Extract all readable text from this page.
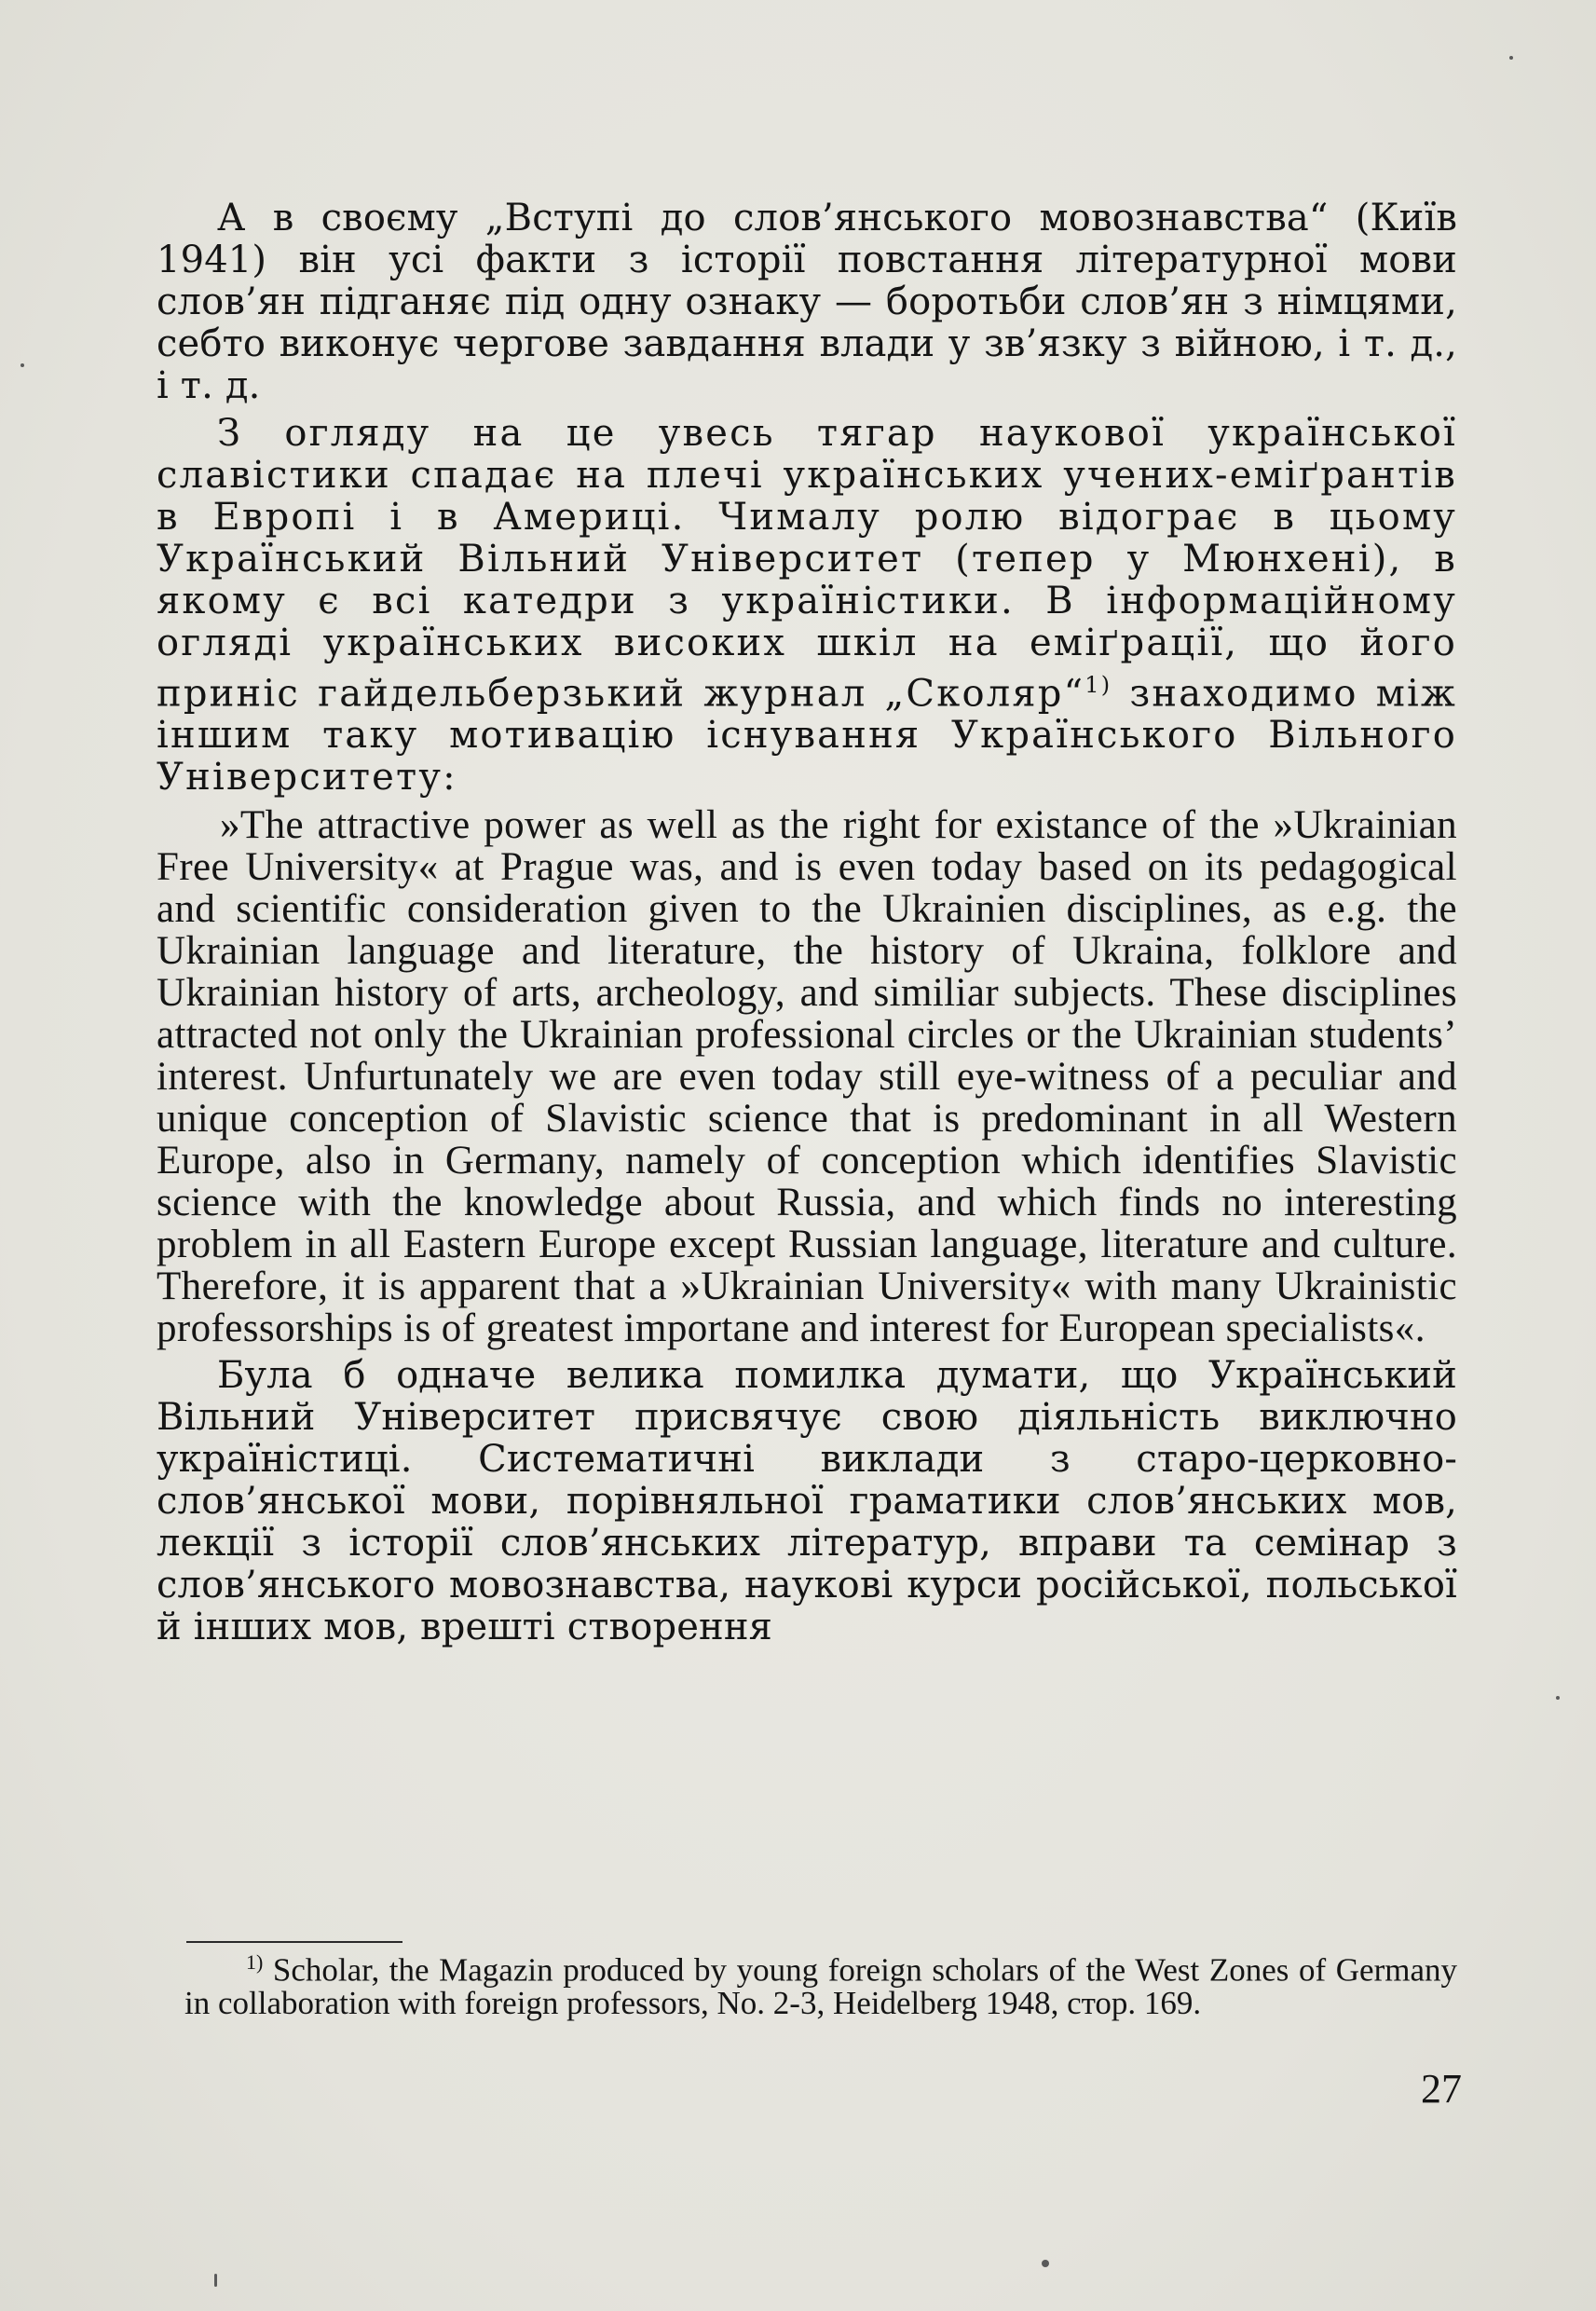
А в своєму „Вступі до слов’янського мовознавства“ (Київ 1941) він усі факти з історії повстання літературної мови слов’ян підганяє під одну ознаку — боротьби слов’ян з німцями, себто виконує чергове завдання влади у зв’язку з війною, і т. д., і т. д.

З огляду на це увесь тягар наукової української славістики спадає на плечі українських учених-еміґрантів в Европі і в Америці. Чималу ролю відограє в цьому Український Вільний Університет (тепер у Мюнхені), в якому є всі катедри з україністики. В інформаційному огляді українських високих шкіл на еміґрації, що його приніс гайдельберзький журнал „Сколяр“$^{1)}$ знаходимо між іншим таку мотивацію існування Українського Вільного Університету:

»The attractive power as well as the right for existance of the »Ukrainian Free University« at Prague was, and is even today based on its pedagogical and scientific consideration given to the Ukrainien disciplines, as e.g. the Ukrainian language and literature, the history of Ukraina, folklore and Ukrainian history of arts, archeology, and similiar subjects. These disciplines attracted not only the Ukrainian professional circles or the Ukrainian students’ interest. Unfurtunately we are even today still eye-witness of a peculiar and unique conception of Slavistic science that is predominant in all Western Europe, also in Germany, namely of conception which identifies Slavistic science with the knowledge about Russia, and which finds no interesting problem in all Eastern Europe except Russian language, literature and culture. Therefore, it is apparent that a »Ukrainian University« with many Ukrainistic professorships is of greatest importane and interest for European specialists«.

Була б одначе велика помилка думати, що Український Вільний Університет присвячує свою діяльність виключно україністиці. Систематичні виклади з старо-церковно-слов’янської мови, порівняльної граматики слов’янських мов, лекції з історії слов’янських літератур, вправи та семінар з слов’янського мовознавства, наукові курси російської, польської й інших мов, врешті створення

$^{1)}$ Scholar, the Magazin produced by young foreign scholars of the West Zones of Germany in collaboration with foreign professors, No. 2-3, Heidelberg 1948, стор. 169.

27
